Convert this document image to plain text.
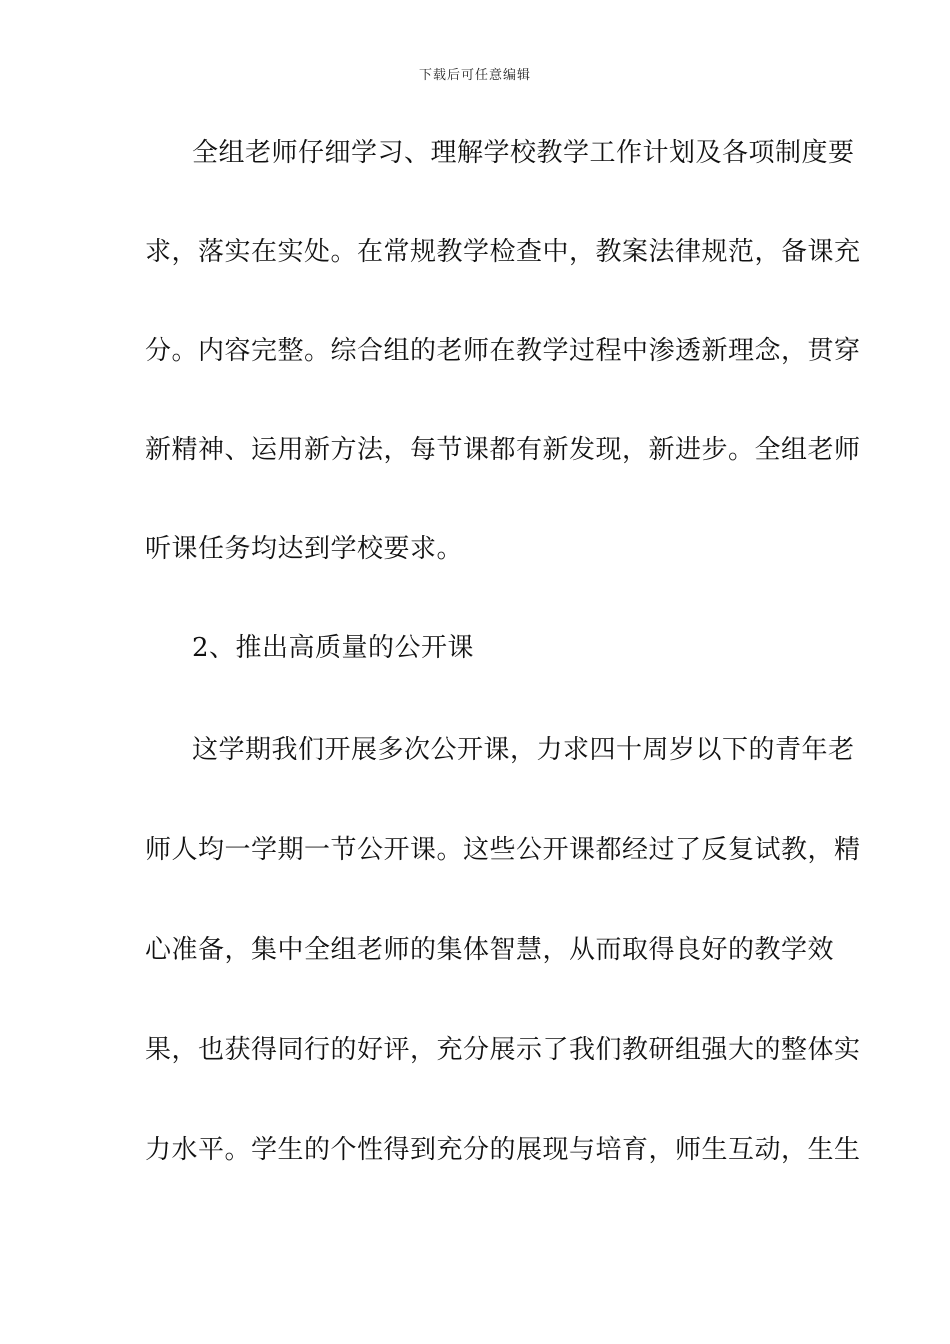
下载后可任意编辑
全组老师仔细学习、理解学校教学工作计划及各项制度要
求，落实在实处。在常规教学检查中，教案法律规范，备课充
分。内容完整。综合组的老师在教学过程中渗透新理念，贯穿
新精神、运用新方法，每节课都有新发现，新进步。全组老师
听课任务均达到学校要求。
2、推出高质量的公开课
这学期我们开展多次公开课，力求四十周岁以下的青年老
师人均一学期一节公开课。这些公开课都经过了反复试教，精
心准备，集中全组老师的集体智慧，从而取得良好的教学效
果，也获得同行的好评，充分展示了我们教研组强大的整体实
力水平。学生的个性得到充分的展现与培育，师生互动，生生
